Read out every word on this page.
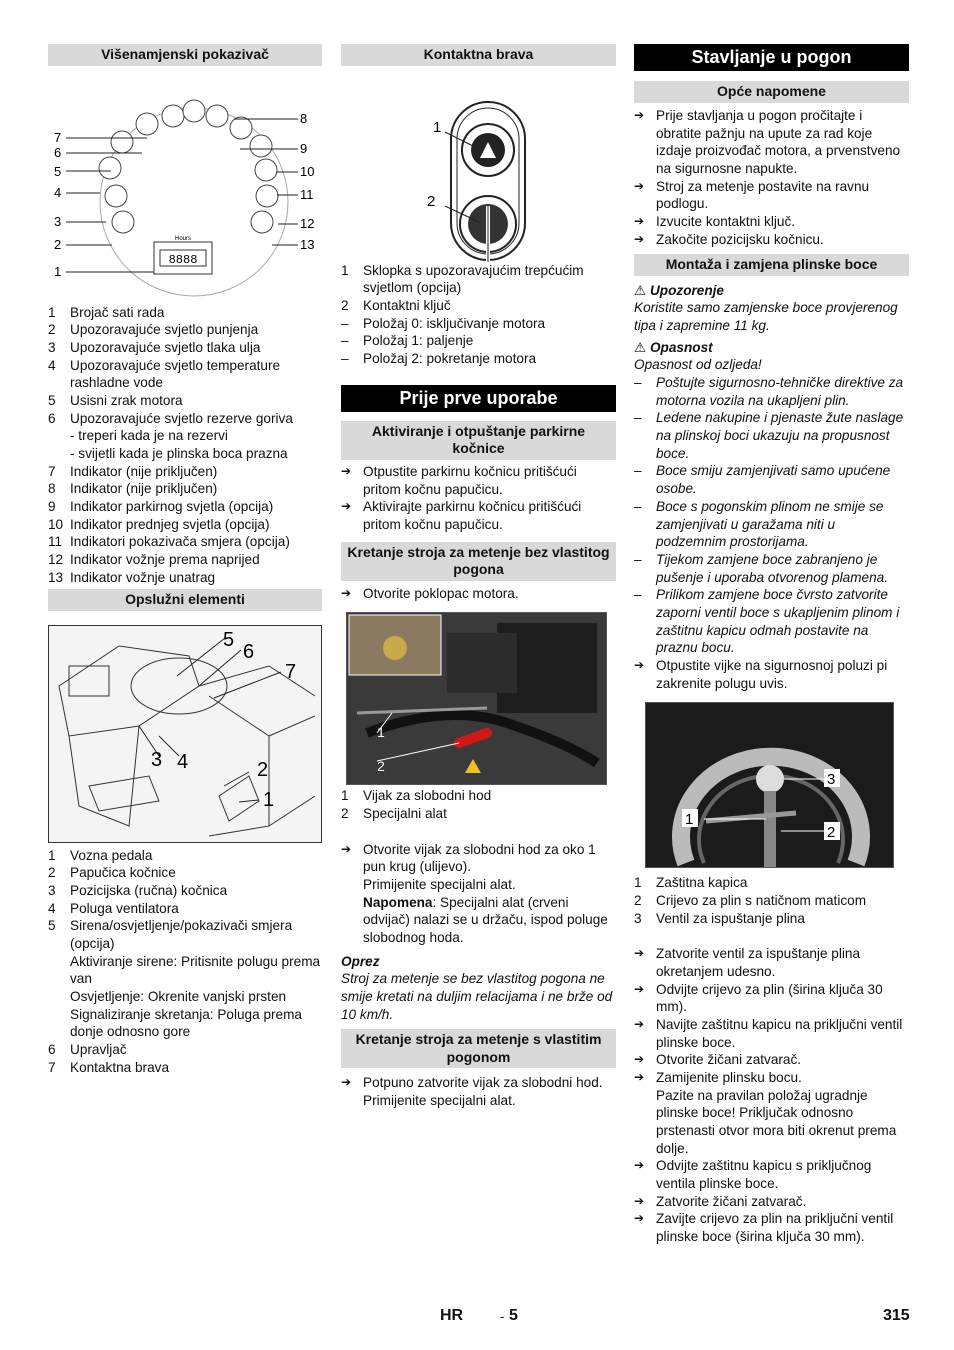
Višenamjenski pokazivač
Hours
8888
7
6
5
4
3
2
1
8
9
10
11
12
13
1	Brojač sati rada
2	Upozoravajuće svjetlo punjenja
3	Upozoravajuće svjetlo tlaka ulja
4	Upozoravajuće svjetlo temperature rashladne vode
5	Usisni zrak motora
6	Upozoravajuće svjetlo rezerve goriva
- treperi kada je na rezervi
- svijetli kada je plinska boca prazna
7	Indikator (nije priključen)
8	Indikator (nije priključen)
9	Indikator parkirnog svjetla (opcija)
10 Indikator prednjeg svjetla (opcija)
11 Indikatori pokazivača smjera (opcija)
12 Indikator vožnje prema naprijed
13 Indikator vožnje unatrag
Opslužni elementi
5
6
7
3 4	2
1
1	Vozna pedala
2	Papučica kočnice
3	Pozicijska (ručna) kočnica
4	Poluga ventilatora
5	Sirena/osvjetljenje/pokazivači smjera (opcija)
Aktiviranje sirene: Pritisnite polugu prema van
Osvjetljenje: Okrenite vanjski prsten
Signaliziranje skretanja: Poluga prema donje odnosno gore
6	Upravljač
7	Kontaktna brava
Kontaktna brava
1
2
1	Sklopka s upozoravajućim trepćućim svjetlom (opcija)
2	Kontaktni ključ
–	Položaj 0: isključivanje motora
–	Položaj 1: paljenje
–	Položaj 2: pokretanje motora
Prije prve uporabe
Aktiviranje i otpuštanje parkirne kočnice
➔ Otpustite parkirnu kočnicu pritišćući pritom kočnu papučicu.
➔ Aktivirajte parkirnu kočnicu pritišćući pritom kočnu papučicu.
Kretanje stroja za metenje bez vlastitog pogona
➔ Otvorite poklopac motora.
1
2
1	Vijak za slobodni hod
2	Specijalni alat
➔ Otvorite vijak za slobodni hod za oko 1 pun krug (ulijevo).
Primijenite specijalni alat.
Napomena: Specijalni alat (crveni odvijač) nalazi se u držaču, ispod poluge slobodnog hoda.
Oprez
Stroj za metenje se bez vlastitog pogona ne smije kretati na duljim relacijama i ne brže od 10 km/h.
Kretanje stroja za metenje s vlastitim pogonom
➔ Potpuno zatvorite vijak za slobodni hod.
Primijenite specijalni alat.
Stavljanje u pogon
Opće napomene
➔ Prije stavljanja u pogon pročitajte i obratite pažnju na upute za rad koje izdaje proizvođač motora, a prvenstveno na sigurnosne napukte.
➔ Stroj za metenje postavite na ravnu podlogu.
➔ Izvucite kontaktni ključ.
➔ Zakočite pozicijsku kočnicu.
Montaža i zamjena plinske boce
⚠ Upozorenje
Koristite samo zamjenske boce provjerenog tipa i zapremine 11 kg.
⚠ Opasnost
Opasnost od ozljeda!
– Poštujte sigurnosno-tehničke direktive za motorna vozila na ukapljeni plin.
– Ledene nakupine i pjenaste žute naslage na plinskoj boci ukazuju na propusnost boce.
– Boce smiju zamjenjivati samo upućene osobe.
– Boce s pogonskim plinom ne smije se zamjenjivati u garažama niti u podzemnim prostorijama.
– Tijekom zamjene boce zabranjeno je pušenje i uporaba otvorenog plamena.
– Prilikom zamjene boce čvrsto zatvorite zaporni ventil boce s ukapljenim plinom i zaštitnu kapicu odmah postavite na praznu bocu.
➔ Otpustite vijke na sigurnosnoj poluzi pi zakrenite polugu uvis.
3
1
2
1	Zaštitna kapica
2	Crijevo za plin s natičnom maticom
3	Ventil za ispuštanje plina
➔ Zatvorite ventil za ispuštanje plina okretanjem udesno.
➔ Odvijte crijevo za plin (širina ključa 30 mm).
➔ Navijte zaštitnu kapicu na priključni ventil plinske boce.
➔ Otvorite žičani zatvarač.
➔ Zamijenite plinsku bocu.
Pazite na pravilan položaj ugradnje plinske boce! Priključak odnosno prstenasti otvor mora biti okrenut prema dolje.
➔ Odvijte zaštitnu kapicu s priključnog ventila plinske boce.
➔ Zatvorite žičani zatvarač.
➔ Zavijte crijevo za plin na priključni ventil plinske boce (širina ključa 30 mm).
HR	- 5	315
